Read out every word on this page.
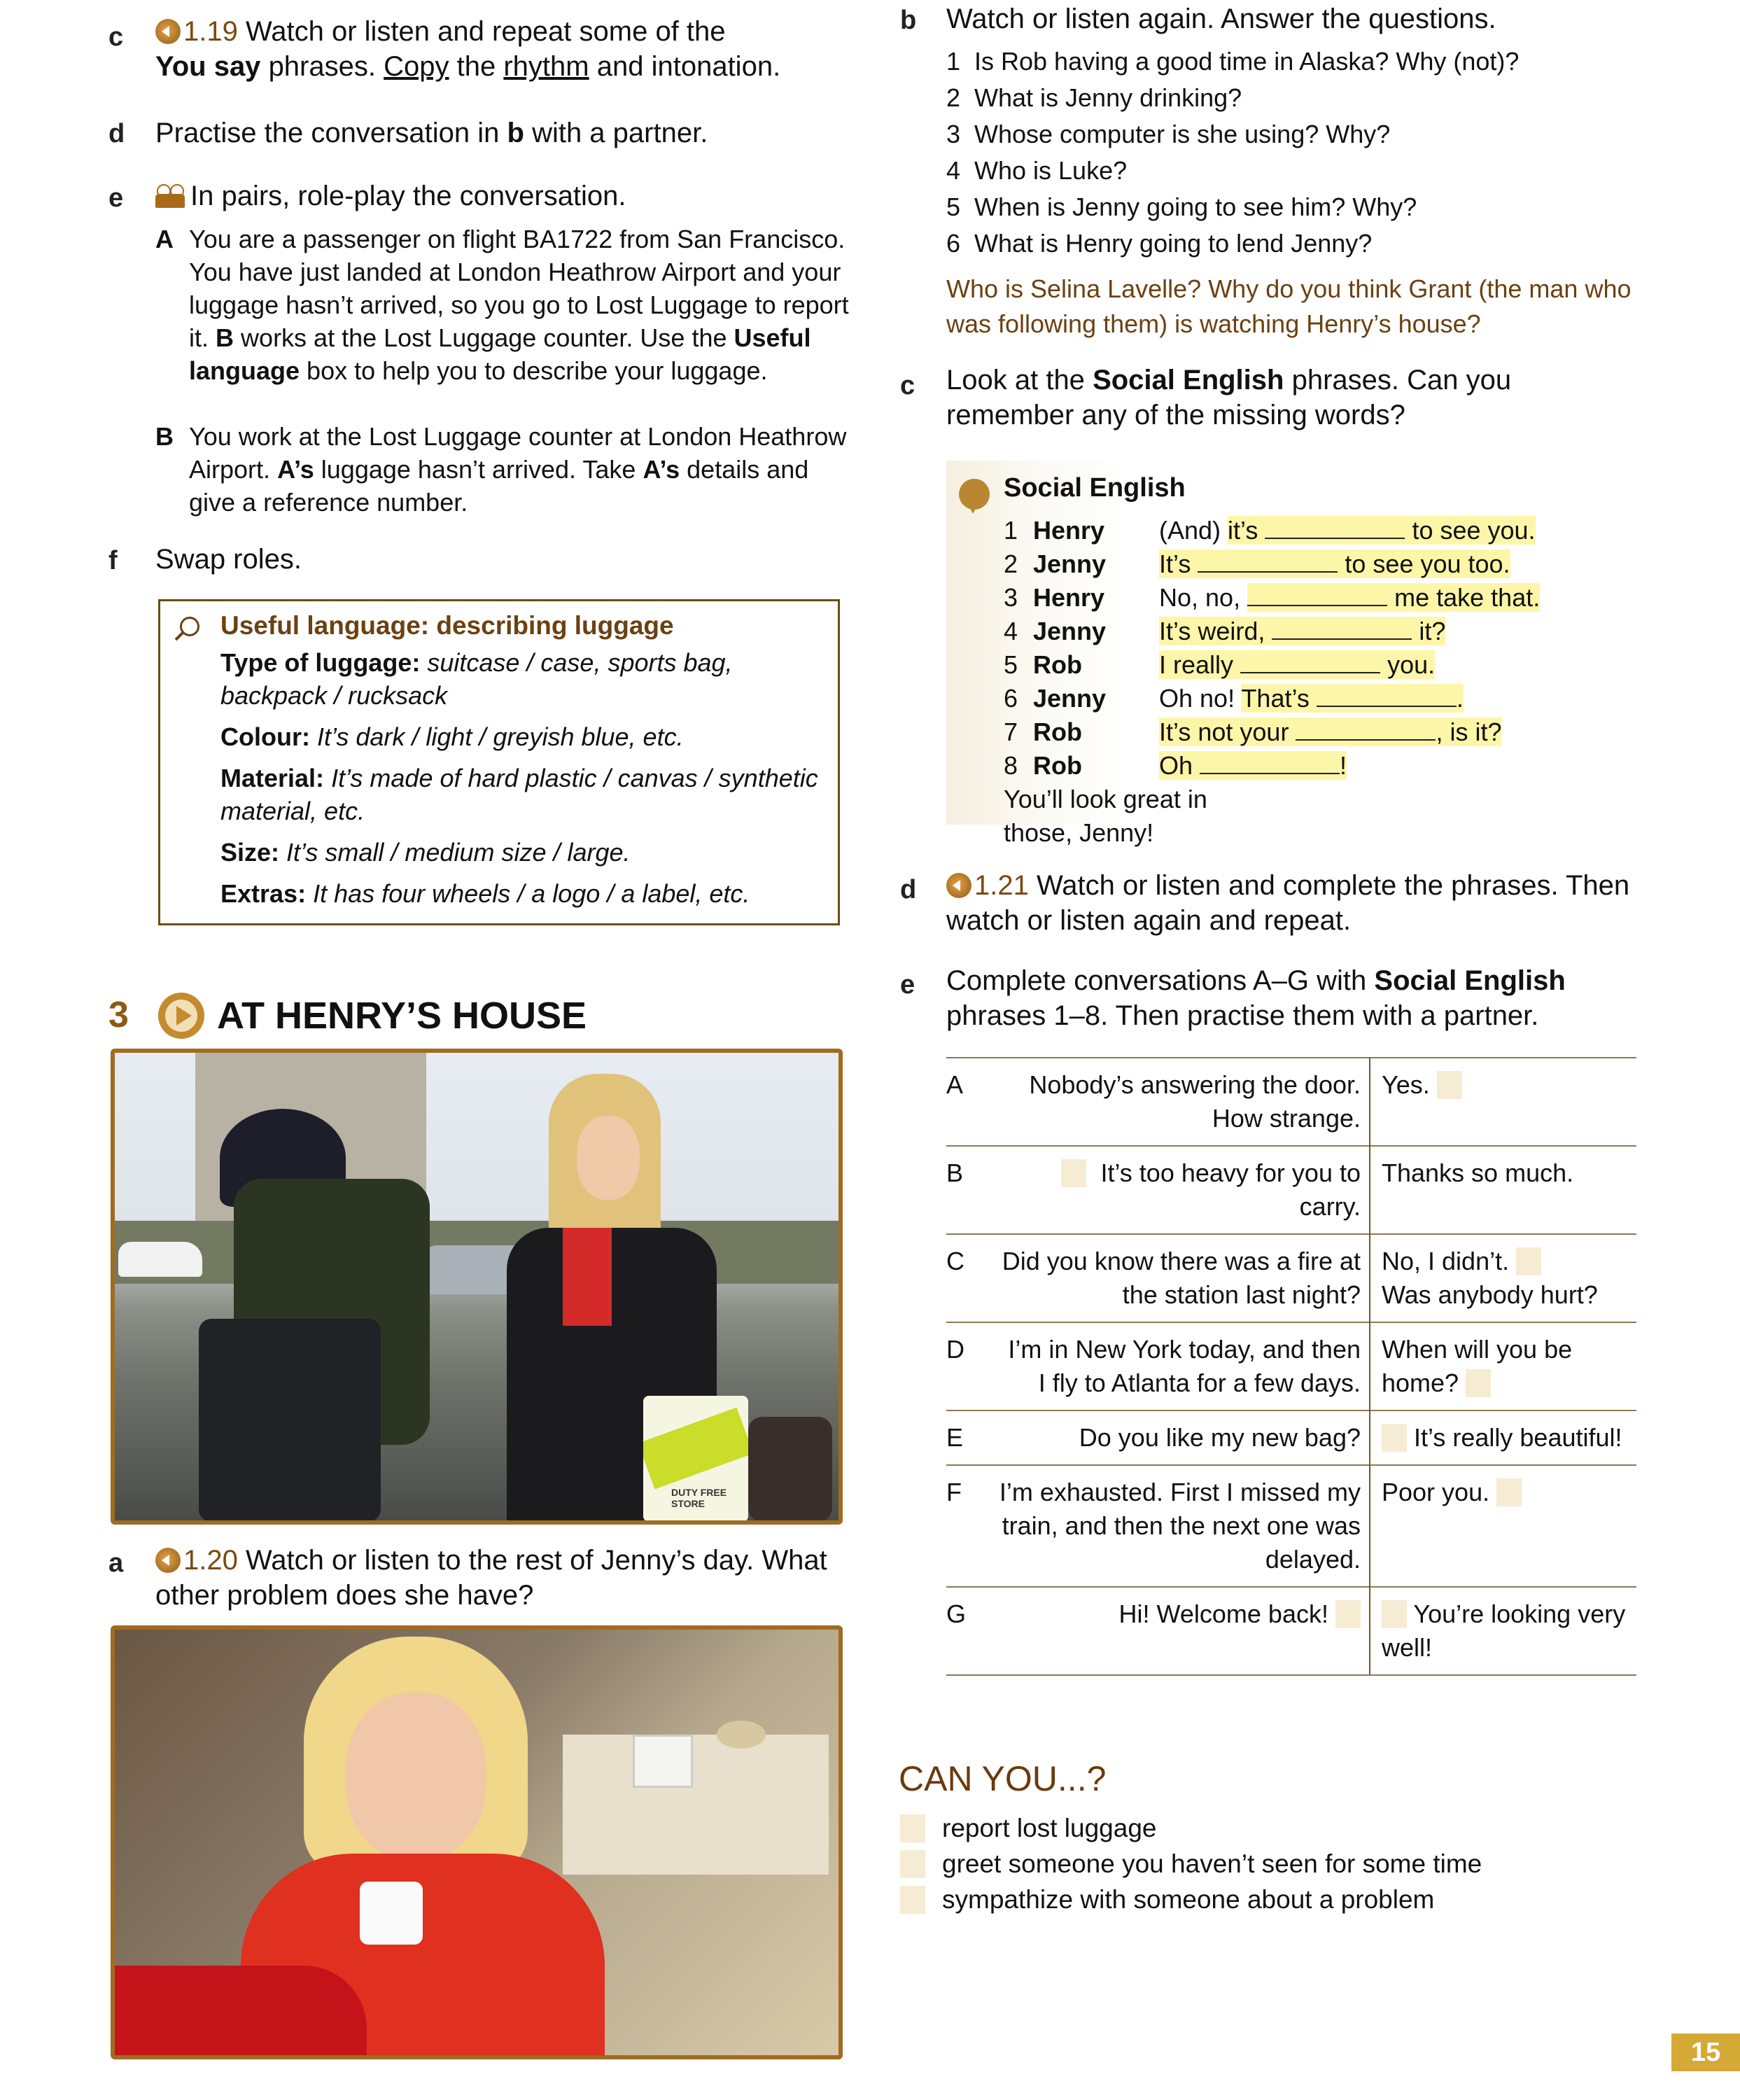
c	1.19 Watch or listen and repeat some of the
You say phrases. Copy the rhythm and intonation.
d Practise the conversation in b with a partner.
e	In pairs, role-play the conversation.
A You are a passenger on flight BA1722 from San Francisco. You have just landed at London Heathrow Airport and your luggage hasn’t arrived, so you go to Lost Luggage to report it. B works at the Lost Luggage counter. Use the Useful language box to help you to describe your luggage.
B You work at the Lost Luggage counter at London Heathrow Airport. A’s luggage hasn’t arrived. Take A’s details and give a reference number.
f Swap roles.
Useful language: describing luggage
Type of luggage: suitcase / case, sports bag, backpack / rucksack
Colour: It’s dark / light / greyish blue, etc.
Material: It’s made of hard plastic / canvas / synthetic material, etc.
Size: It’s small / medium size / large.
Extras: It has four wheels / a logo / a label, etc.
3 AT HENRY’S HOUSE
DUTY FREE STORE
a	1.20 Watch or listen to the rest of Jenny’s day. What other problem does she have?
b Watch or listen again. Answer the questions.
1 Is Rob having a good time in Alaska? Why (not)?
2 What is Jenny drinking?
3 Whose computer is she using? Why?
4 Who is Luke?
5 When is Jenny going to see him? Why?
6 What is Henry going to lend Jenny?
Who is Selina Lavelle? Why do you think Grant (the man who was following them) is watching Henry’s house?
c Look at the Social English phrases. Can you remember any of the missing words?
Social English
1 Henry (And) it’s	to see you.
2 Jenny It’s	to see you too.
3 Henry No, no,	me take that.
4 Jenny It’s weird,	it?
5 Rob	I really	you.
6 Jenny Oh no! That’s	.
7 Rob	It’s not your	, is it?
8 Rob	Oh	! You’ll look great in those, Jenny!
d	1.21 Watch or listen and complete the phrases. Then watch or listen again and repeat.
e Complete conversations A–G with Social English phrases 1–8. Then practise them with a partner.
A	Nobody’s answering the door. How strange.	Yes.
B	It’s too heavy for you to carry.	Thanks so much.
C	Did you know there was a fire at the station last night?	No, I didn’t.
Was anybody hurt?
D	I’m in New York today, and then I fly to Atlanta for a few days.	When will you be home?
E	Do you like my new bag?	It’s really beautiful!
F	I’m exhausted. First I missed my train, and then the next one was delayed.	Poor you.
G	Hi! Welcome back!	You’re looking very well!
CAN YOU...?
report lost luggage
greet someone you haven’t seen for some time
sympathize with someone about a problem
15
